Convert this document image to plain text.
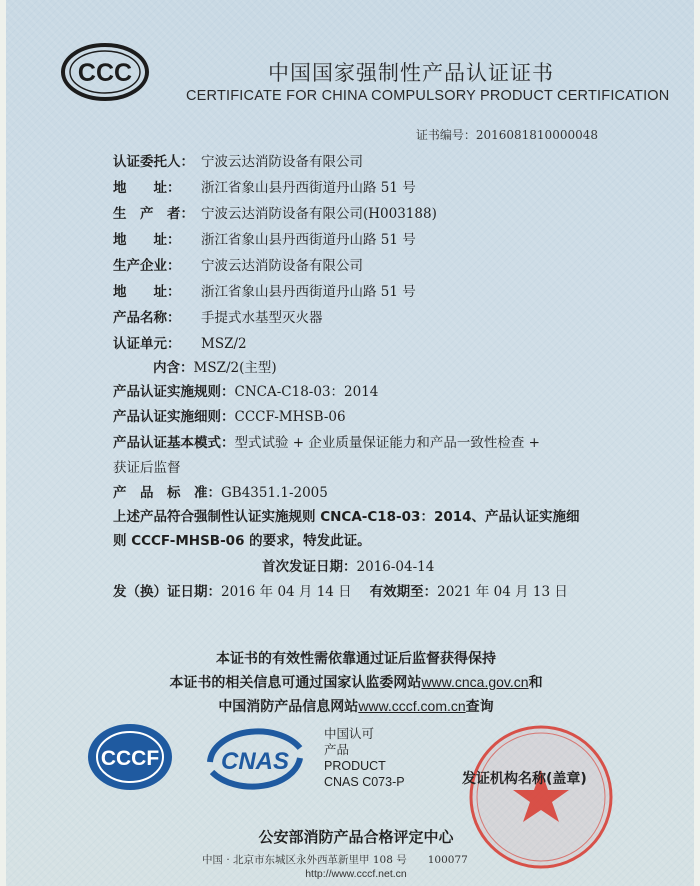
CCC	中国国家强制性产品认证证书
CERTIFICATE FOR CHINA COMPULSORY PRODUCT CERTIFICATION
证书编号：2016081810000048
认证委托人： 宁波云达消防设备有限公司
地　　址： 浙江省象山县丹西街道丹山路 51 号
生　产　者： 宁波云达消防设备有限公司(H003188)
地　　址： 浙江省象山县丹西街道丹山路 51 号
生产企业： 宁波云达消防设备有限公司
地　　址： 浙江省象山县丹西街道丹山路 51 号
产品名称： 手提式水基型灭火器
认证单元： MSZ/2
内含：MSZ/2(主型)
产品认证实施规则：CNCA-C18-03：2014
产品认证实施细则：CCCF-MHSB-06
产品认证基本模式：型式试验 + 企业质量保证能力和产品一致性检查 +
获证后监督
产　品　标　准：GB4351.1-2005
上述产品符合强制性认证实施规则 CNCA-C18-03：2014、产品认证实施细
则 CCCF-MHSB-06 的要求，特发此证。
首次发证日期：2016-04-14
发（换）证日期：2016 年 04 月 14 日 有效期至：2021 年 04 月 13 日
本证书的有效性需依靠通过证后监督获得保持
本证书的相关信息可通过国家认监委网站www.cnca.gov.cn和
中国消防产品信息网站www.cccf.com.cn查询
CCCF	CNAS
中国认可
产品
PRODUCT
CNAS C073-P	发证机构名称(盖章)
公安部消防产品合格评定中心
中国 · 北京市东城区永外西革新里甲 108 号　　100077
http://www.cccf.net.cn
